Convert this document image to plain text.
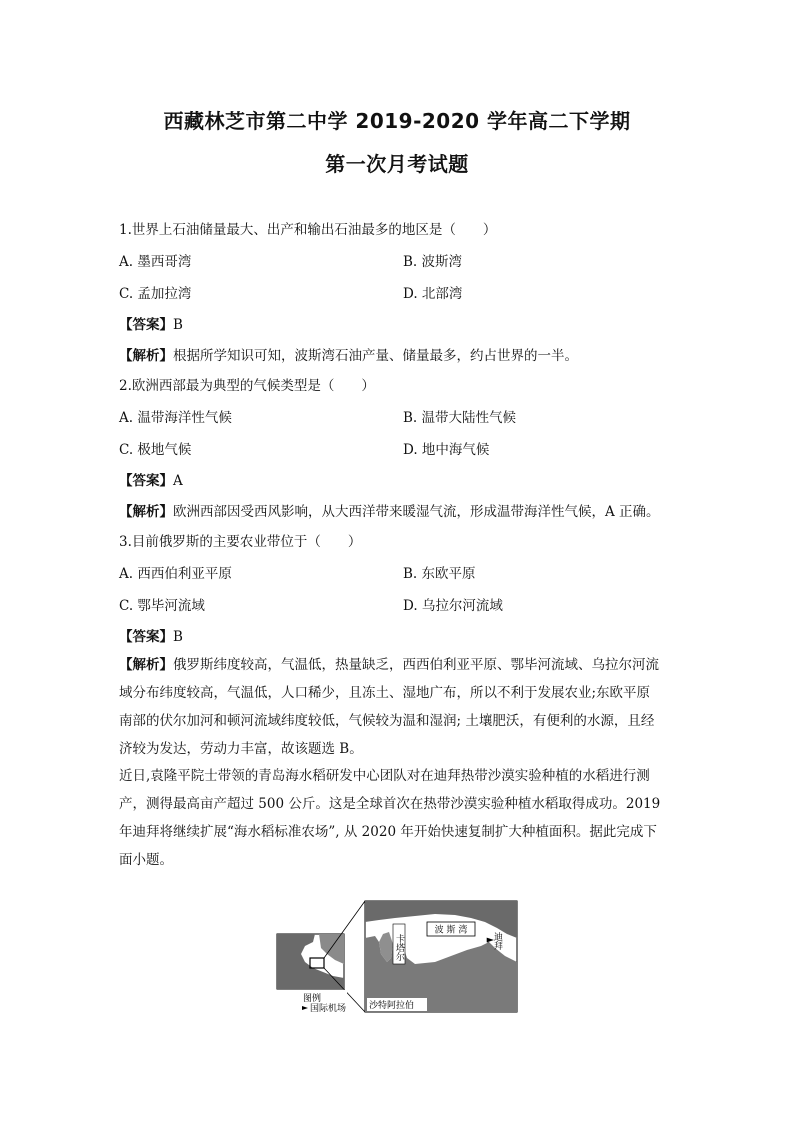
西藏林芝市第二中学 2019-2020 学年高二下学期
第一次月考试题
1.世界上石油储量最大、出产和输出石油最多的地区是（　　）
A. 墨西哥湾	B. 波斯湾
C. 孟加拉湾	D. 北部湾
【答案】B
【解析】根据所学知识可知，波斯湾石油产量、储量最多，约占世界的一半。
2.欧洲西部最为典型的气候类型是（　　）
A. 温带海洋性气候	B. 温带大陆性气候
C. 极地气候	D. 地中海气候
【答案】A
【解析】欧洲西部因受西风影响，从大西洋带来暖湿气流，形成温带海洋性气候，A 正确。
3.目前俄罗斯的主要农业带位于（　　）
A. 西西伯利亚平原	B. 东欧平原
C. 鄂毕河流域	D. 乌拉尔河流域
【答案】B
【解析】俄罗斯纬度较高，气温低，热量缺乏，西西伯利亚平原、鄂毕河流域、乌拉尔河流
域分布纬度较高，气温低，人口稀少，且冻土、湿地广布，所以不利于发展农业;东欧平原
南部的伏尔加河和顿河流域纬度较低，气候较为温和湿润; 土壤肥沃，有便利的水源，且经
济较为发达，劳动力丰富，故该题选 B。
近日,袁隆平院士带领的青岛海水稻研发中心团队对在迪拜热带沙漠实验种植的水稻进行测
产，测得最高亩产超过 500 公斤。这是全球首次在热带沙漠实验种植水稻取得成功。2019
年迪拜将继续扩展“海水稻标准农场”, 从 2020 年开始快速复制扩大种植面积。据此完成下
面小题。
波 斯 湾
卡塔尔	迪拜
图例
国际机场	沙特阿拉伯
